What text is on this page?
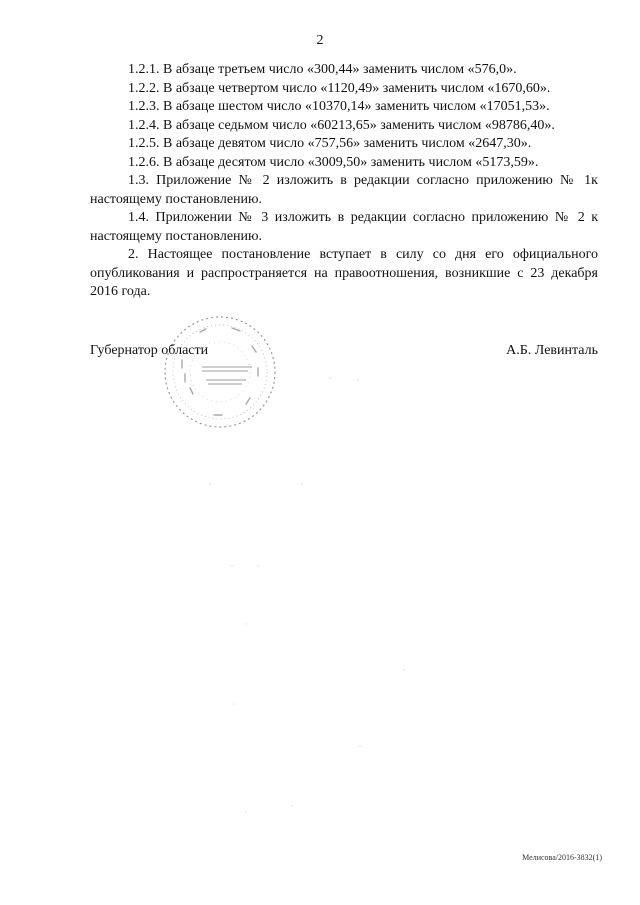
2

1.2.1. В абзаце третьем число «300,44» заменить числом «576,0».

1.2.2. В абзаце четвертом число «1120,49» заменить числом «1670,60».

1.2.3. В абзаце шестом число «10370,14» заменить числом «17051,53».

1.2.4. В абзаце седьмом число «60213,65» заменить числом «98786,40».

1.2.5. В абзаце девятом число «757,56» заменить числом «2647,30».

1.2.6. В абзаце десятом число «3009,50» заменить числом «5173,59».

1.3. Приложение № 2 изложить в редакции согласно приложению № 1к настоящему постановлению.

1.4. Приложении № 3 изложить в редакции согласно приложению № 2 к настоящему постановлению.

2. Настоящее постановление вступает в силу со дня его официального опубликования и распространяется на правоотношения, возникшие с 23 декабря 2016 года.

Губернатор области	А.Б. Левинталь
Мелисова/2016-3832(1)
